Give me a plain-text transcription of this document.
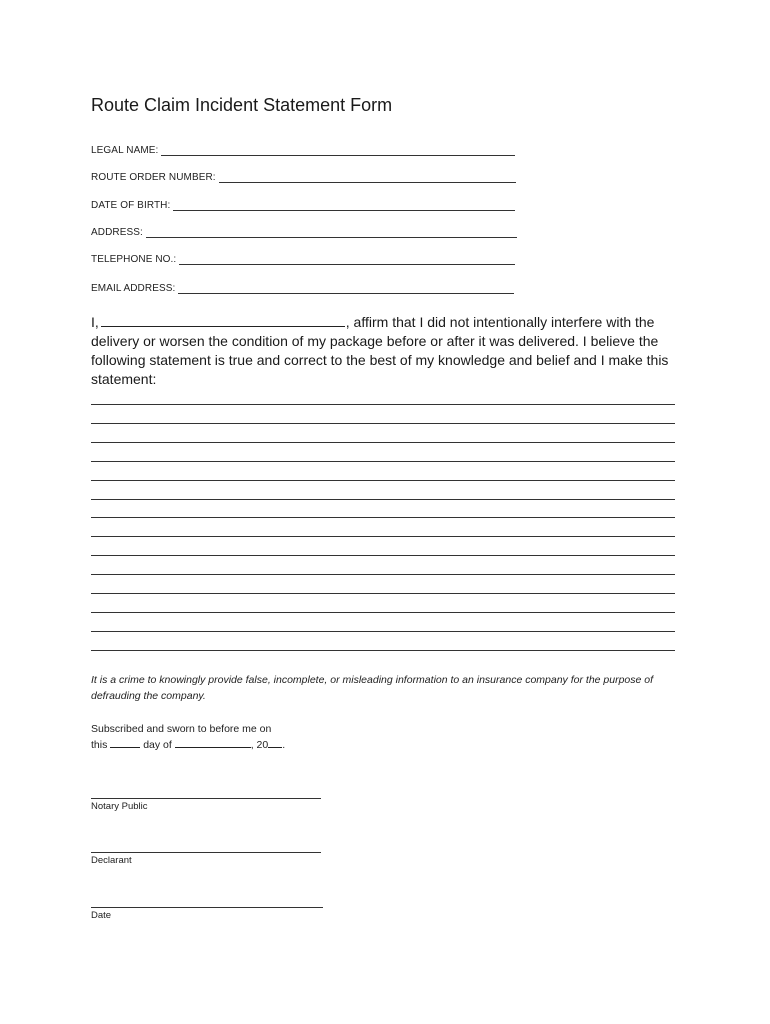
Route Claim Incident Statement Form
LEGAL NAME:
ROUTE ORDER NUMBER:
DATE OF BIRTH:
ADDRESS:
TELEPHONE NO.:
EMAIL ADDRESS:
I,	, affirm that I did not intentionally interfere with the delivery or worsen the condition of my package before or after it was delivered. I believe the following statement is true and correct to the best of my knowledge and belief and I make this statement:
It is a crime to knowingly provide false, incomplete, or misleading information to an insurance company for the purpose of defrauding the company.
Subscribed and sworn to before me on
this	day of	, 20 .
Notary Public
Declarant
Date
